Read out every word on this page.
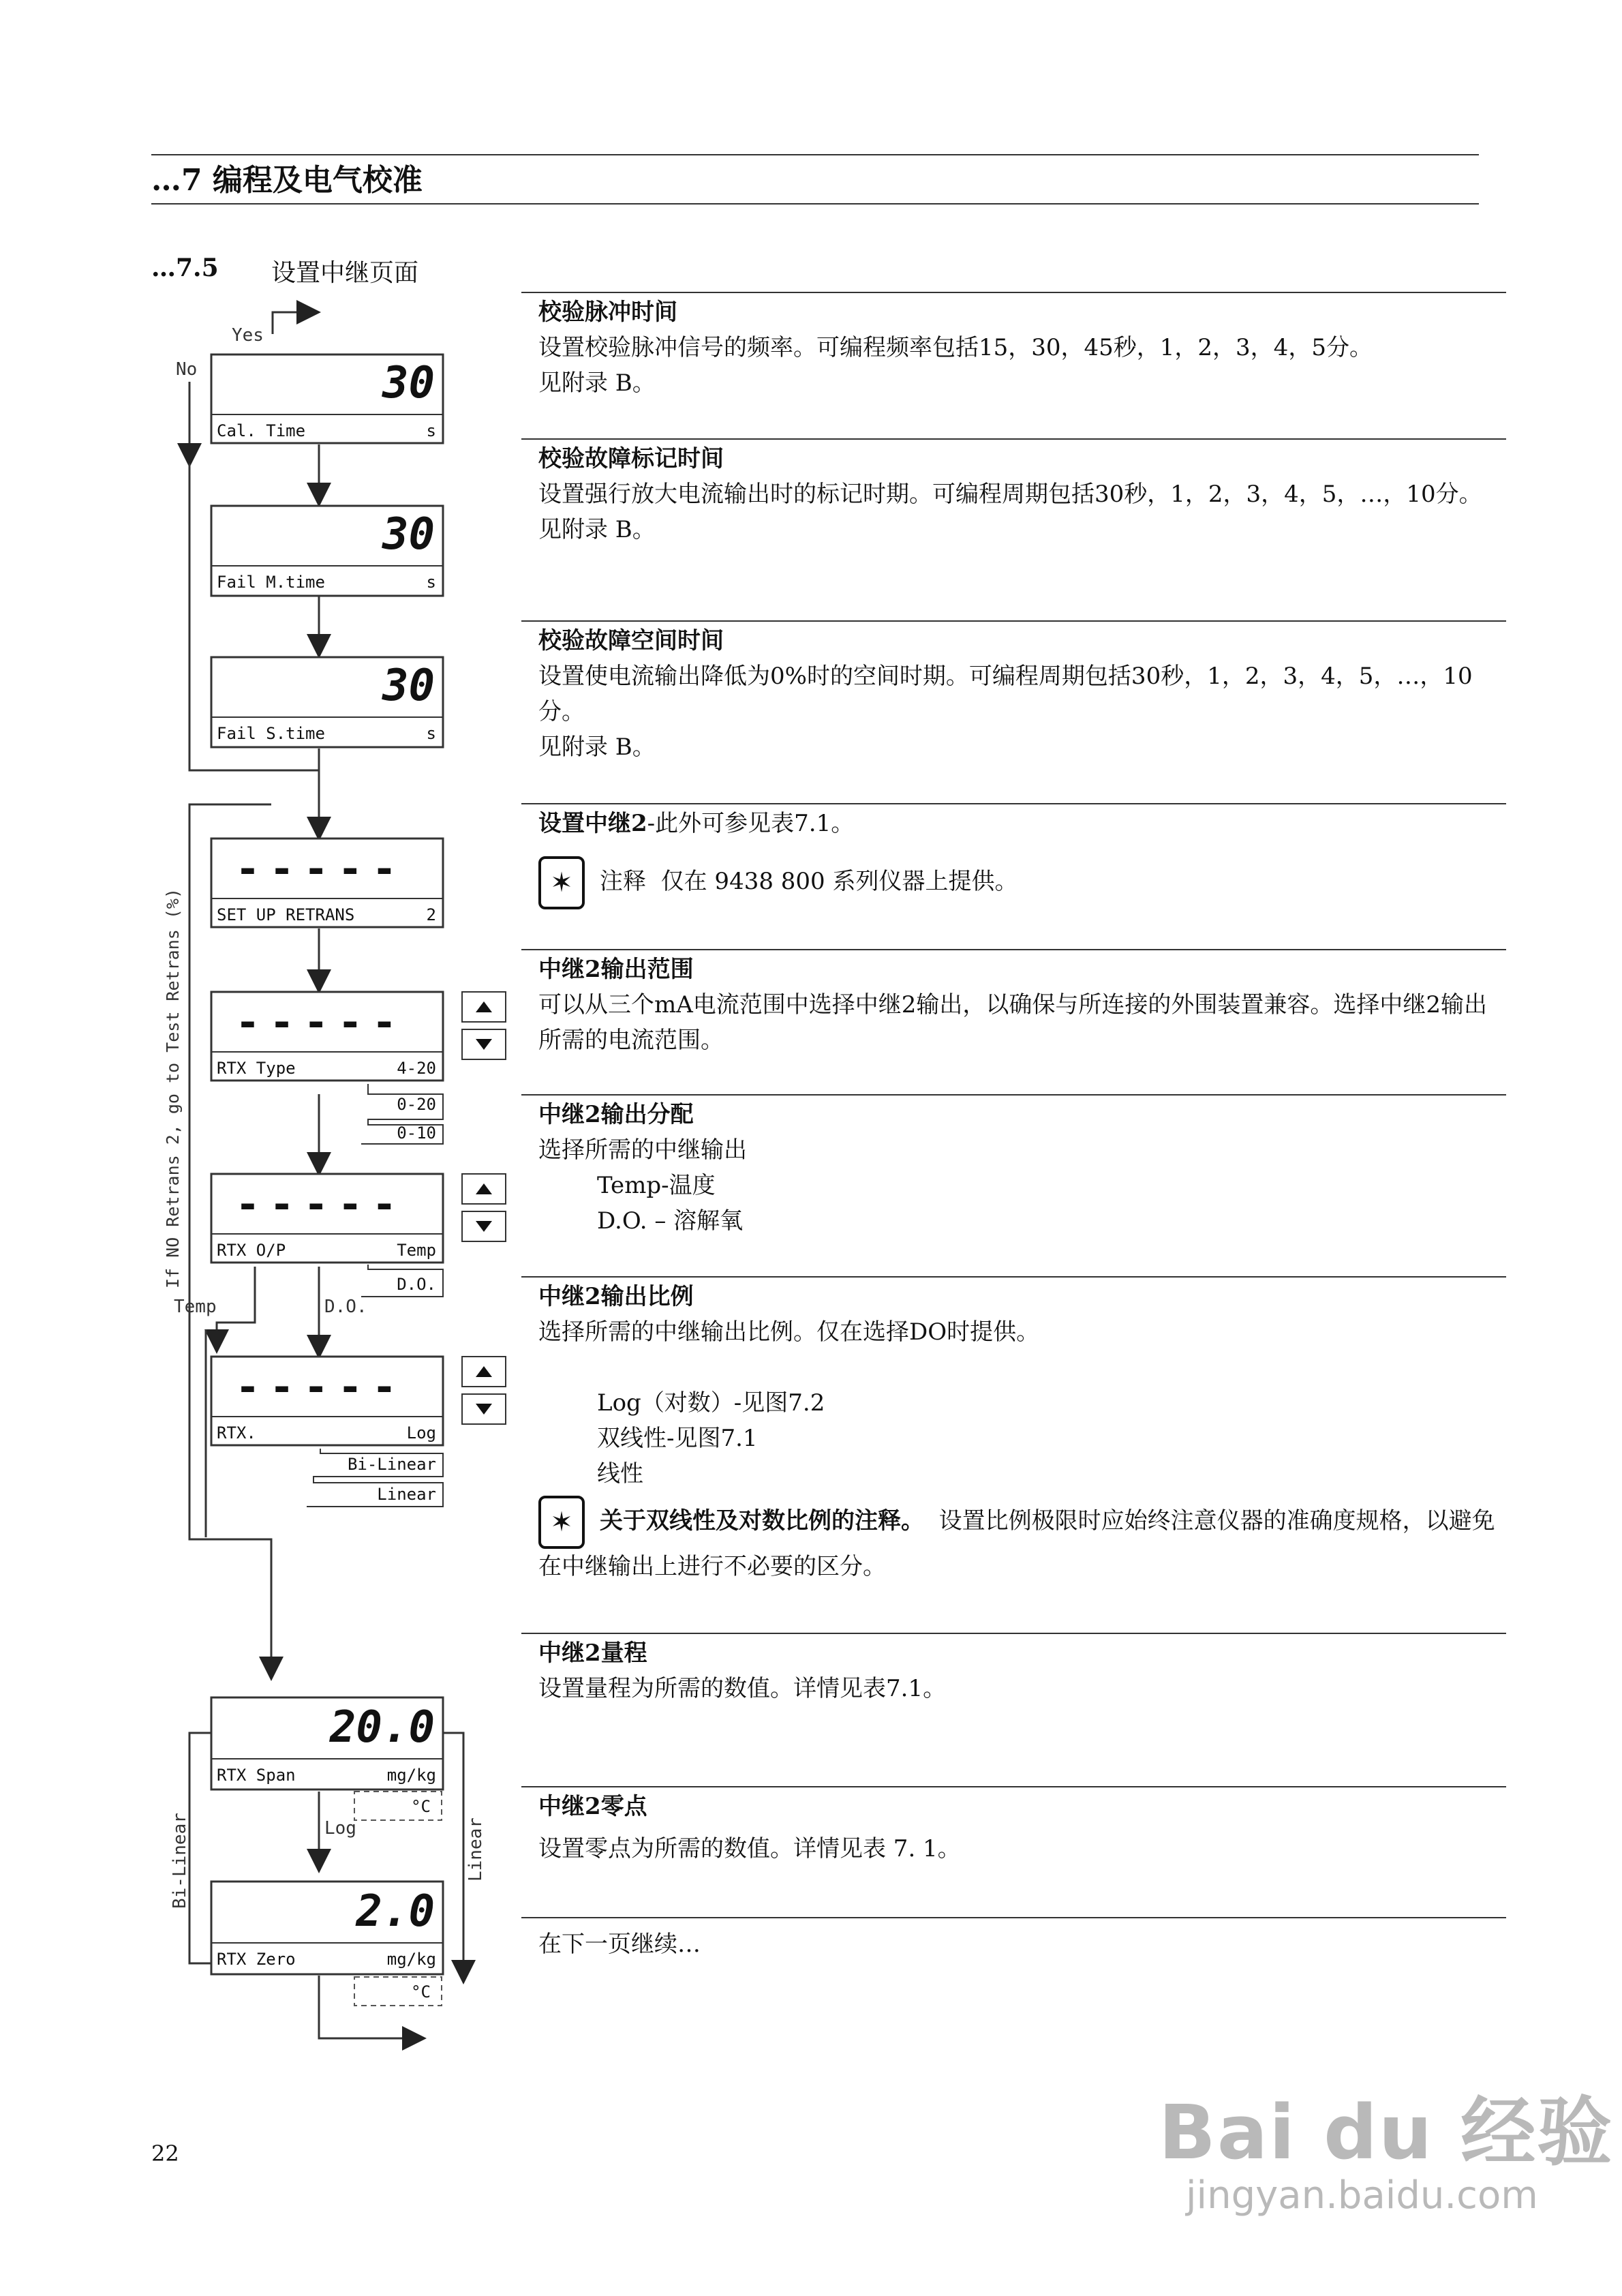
…7 编程及电气校准
…7.5 设置中继页面
Yes
No
If NO Retrans 2, go to Test Retrans (%)
Temp	D.O.
Log
Bi-Linear	Linear
30
Cal. Time	s
30
Fail M.time	s
30
Fail S.time	s
-----
SET UP RETRANS	2
-----
RTX Type	4-20
0-20
0-10
-----
RTX O/P	Temp
D.O.
-----
RTX.	Log
Bi-Linear
Linear
20.0
RTX Span	mg/kg
°C
2.0
RTX Zero	mg/kg
°C
校验脉冲时间
设置校验脉冲信号的频率。可编程频率包括15，30，45秒，1，2，3，4，5分。
见附录 B。
校验故障标记时间
设置强行放大电流输出时的标记时期。可编程周期包括30秒，1，2，3，4，5，…，10分。
见附录 B。
校验故障空间时间
设置使电流输出降低为0%时的空间时期。可编程周期包括30秒，1，2，3，4，5，…，10 分。
见附录 B。
设置中继2-此外可参见表7.1。
✶ 注释 仅在 9438 800 系列仪器上提供。
中继2输出范围
可以从三个mA电流范围中选择中继2输出，以确保与所连接的外围装置兼容。选择中继2输出所需的电流范围。
中继2输出分配
选择所需的中继输出
Temp-温度
D.O. – 溶解氧
中继2输出比例
选择所需的中继输出比例。仅在选择DO时提供。
Log（对数）-见图7.2
双线性-见图7.1
线性
✶ 关于双线性及对数比例的注释。 设置比例极限时应始终注意仪器的准确度规格，以避免在中继输出上进行不必要的区分。
中继2量程
设置量程为所需的数值。详情见表7.1。
中继2零点
设置零点为所需的数值。详情见表 7. 1。
在下一页继续…
22	Bai du 经验
jingyan.baidu.com
